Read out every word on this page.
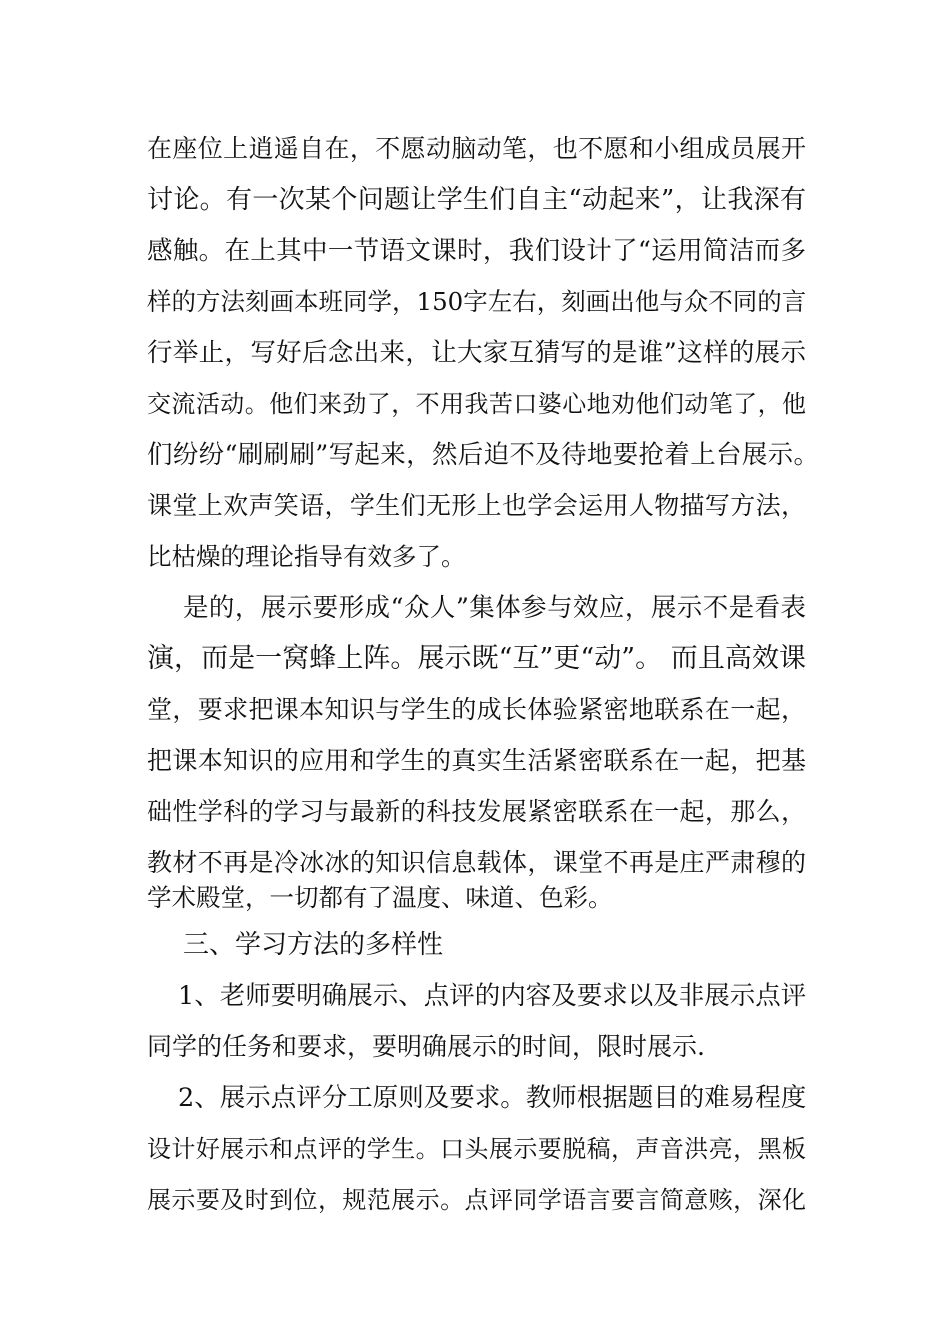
在座位上逍遥自在，不愿动脑动笔，也不愿和小组成员展开
讨论。有一次某个问题让学生们自主“动起来”，让我深有
感触。在上其中一节语文课时，我们设计了“运用简洁而多
样的方法刻画本班同学，150字左右，刻画出他与众不同的言
行举止，写好后念出来，让大家互猜写的是谁”这样的展示
交流活动。他们来劲了，不用我苦口婆心地劝他们动笔了，他
们纷纷“刷刷刷”写起来，然后迫不及待地要抢着上台展示。
课堂上欢声笑语，学生们无形上也学会运用人物描写方法，
比枯燥的理论指导有效多了。
是的，展示要形成“众人”集体参与效应，展示不是看表
演，而是一窝蜂上阵。展示既“互”更“动”。 而且高效课
堂，要求把课本知识与学生的成长体验紧密地联系在一起，
把课本知识的应用和学生的真实生活紧密联系在一起，把基
础性学科的学习与最新的科技发展紧密联系在一起，那么，
教材不再是冷冰冰的知识信息载体，课堂不再是庄严肃穆的
学术殿堂，一切都有了温度、味道、色彩。
三、学习方法的多样性
1、老师要明确展示、点评的内容及要求以及非展示点评
同学的任务和要求，要明确展示的时间，限时展示.
2、展示点评分工原则及要求。教师根据题目的难易程度
设计好展示和点评的学生。口头展示要脱稿，声音洪亮，黑板
展示要及时到位，规范展示。点评同学语言要言简意赅，深化
